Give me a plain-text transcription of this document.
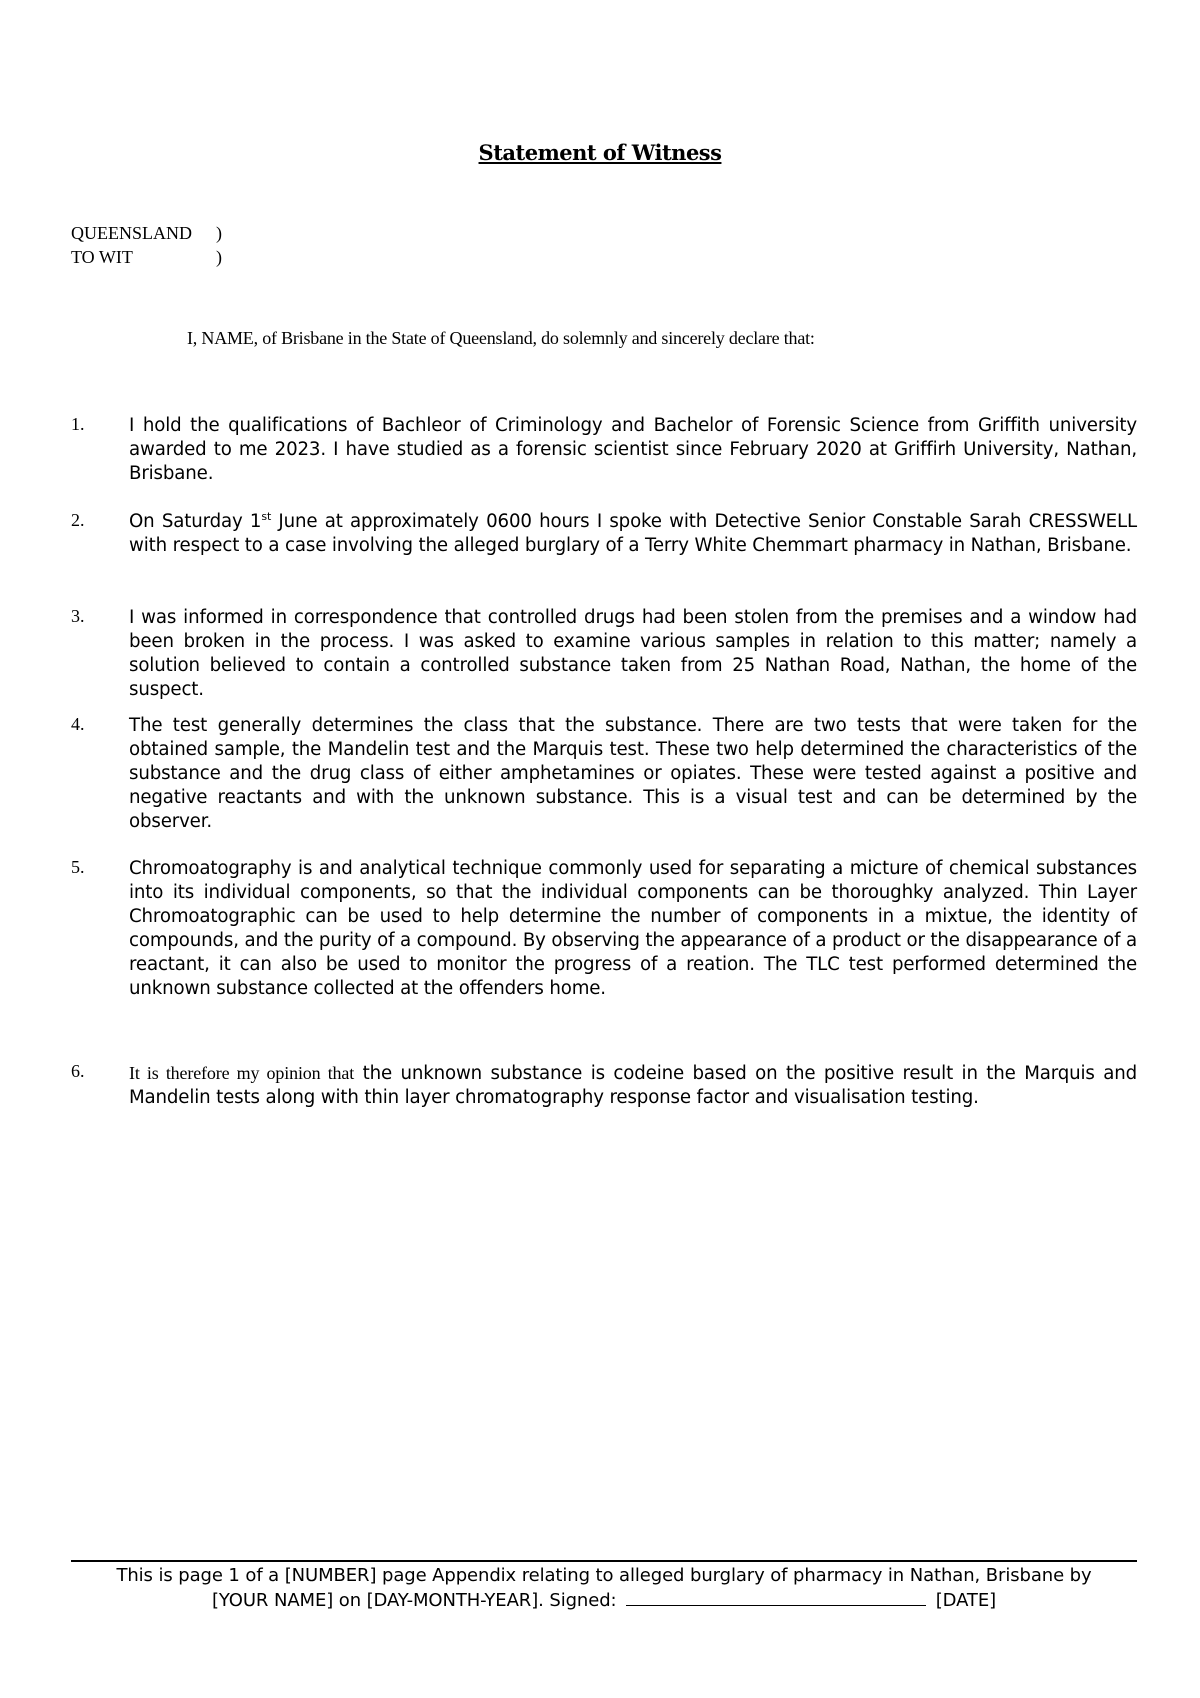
Statement of Witness
QUEENSLAND )
TO WIT	)
I, NAME, of Brisbane in the State of Queensland, do solemnly and sincerely declare that:
1. I hold the qualifications of Bachleor of Criminology and Bachelor of Forensic Science from Griffith university awarded to me 2023. I have studied as a forensic scientist since February 2020 at Griffirh University, Nathan, Brisbane.
2. On Saturday 1st June at approximately 0600 hours I spoke with Detective Senior Constable Sarah CRESSWELL with respect to a case involving the alleged burglary of a Terry White Chemmart pharmacy in Nathan, Brisbane.
3. I was informed in correspondence that controlled drugs had been stolen from the premises and a window had been broken in the process. I was asked to examine various samples in relation to this matter; namely a solution believed to contain a controlled substance taken from 25 Nathan Road, Nathan, the home of the suspect.
4. The test generally determines the class that the substance. There are two tests that were taken for the obtained sample, the Mandelin test and the Marquis test. These two help determined the characteristics of the substance and the drug class of either amphetamines or opiates. These were tested against a positive and negative reactants and with the unknown substance. This is a visual test and can be determined by the observer.
5. Chromoatography is and analytical technique commonly used for separating a micture of chemical substances into its individual components, so that the individual components can be thoroughky analyzed. Thin Layer Chromoatographic can be used to help determine the number of components in a mixtue, the identity of compounds, and the purity of a compound. By observing the appearance of a product or the disappearance of a reactant, it can also be used to monitor the progress of a reation. The TLC test performed determined the unknown substance collected at the offenders home.
6. It is therefore my opinion that the unknown substance is codeine based on the positive result in the Marquis and Mandelin tests along with thin layer chromatography response factor and visualisation testing.
This is page 1 of a [NUMBER] page Appendix relating to alleged burglary of pharmacy in Nathan, Brisbane by
[YOUR NAME] on [DAY-MONTH-YEAR]. Signed:	[DATE]
